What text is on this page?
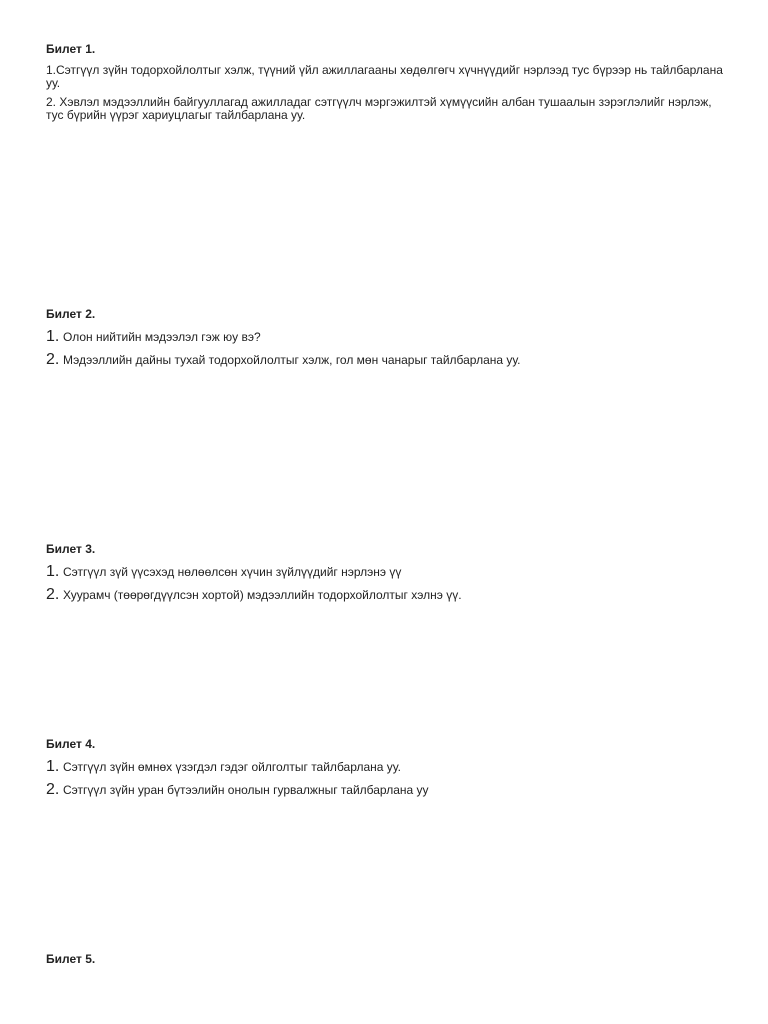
Билет 1.

1.Сэтгүүл зүйн тодорхойлолтыг хэлж, түүний үйл ажиллагааны хөдөлгөгч хүчнүүдийг нэрлээд тус бүрээр нь тайлбарлана уу.

2. Хэвлэл мэдээллийн байгууллагад ажилладаг сэтгүүлч мэргэжилтэй хүмүүсийн албан тушаалын зэрэглэлийг нэрлэж, тус бүрийн үүрэг хариуцлагыг тайлбарлана уу.

Билет 2.

1. Олон нийтийн мэдээлэл гэж юу вэ?
2. Мэдээллийн дайны тухай тодорхойлолтыг хэлж, гол мөн чанарыг тайлбарлана уу.

Билет 3.

1. Сэтгүүл зүй үүсэхэд нөлөөлсөн хүчин зүйлүүдийг нэрлэнэ үү
2. Хуурамч (төөрөгдүүлсэн хортой) мэдээллийн тодорхойлолтыг хэлнэ үү.

Билет 4.

1. Сэтгүүл зүйн өмнөх үзэгдэл гэдэг ойлголтыг тайлбарлана уу.
2. Сэтгүүл зүйн уран бүтээлийн онолын гурвалжныг тайлбарлана уу

Билет 5.
